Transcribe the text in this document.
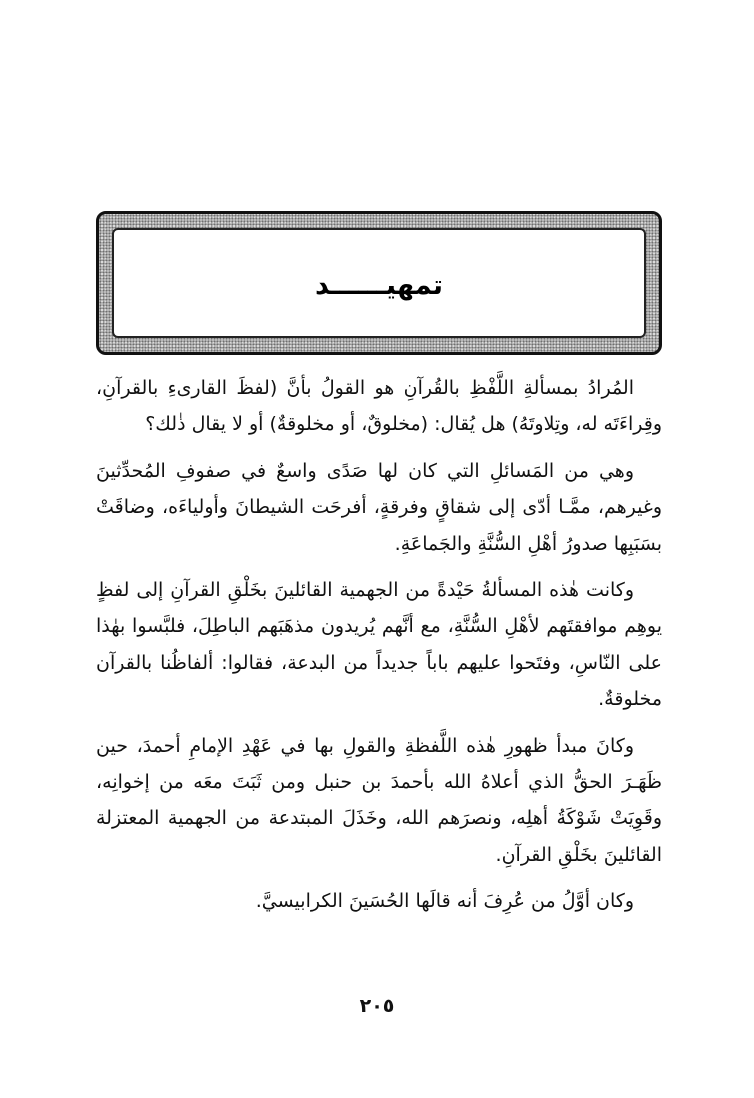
تمهيــــــد

المُرادُ بمسألةِ اللَّفْظِ بالقُرآنِ هو القولُ بأنَّ (لفظَ القارىءِ بالقرآنِ، وقِراءَتَه له، وتِلاوتَهُ) هل يُقال: (مخلوقٌ، أو مخلوقةٌ) أو لا يقال ذٰلك؟

وهي من المَسائلِ التي كان لها صَدًى واسعٌ في صفوفِ المُحدِّثينَ وغيرهم، ممَّـا أدّى إلى شقاقٍ وفرقةٍ، أفرحَت الشيطانَ وأولياءَه، وضاقَتْ بسَبَبِها صدورُ أهْلِ السُّنَّةِ والجَماعَةِ.

وكانت هٰذه المسألةُ حَيْدةً من الجهمية القائلينَ بخَلْقِ القرآنِ إلى لفظٍ يوهِم موافقتَهم لأهْلِ السُّنَّةِ، مع أنَّهم يُريدون مذهَبَهم الباطِلَ، فلبَّسوا بهٰذا على النّاسِ، وفتَحوا عليهم باباً جديداً من البدعة، فقالوا: ألفاظُنا بالقرآن مخلوقةٌ.

وكانَ مبدأ ظهورِ هٰذه اللَّفظةِ والقولِ بها في عَهْدِ الإمامِ أحمدَ، حين ظَهَـرَ الحقُّ الذي أعلاهُ الله بأحمدَ بن حنبل ومن ثَبَتَ معَه من إخوانِه، وقَوِيَتْ شَوْكَةُ أهلِه، ونصرَهم الله، وخَذَلَ المبتدعة من الجهمية المعتزلة القائلينَ بخَلْقِ القرآنِ.

وكان أوَّلُ من عُرِفَ أنه قالَها الحُسَينَ الكرابيسيَّ.

٢٠٥
